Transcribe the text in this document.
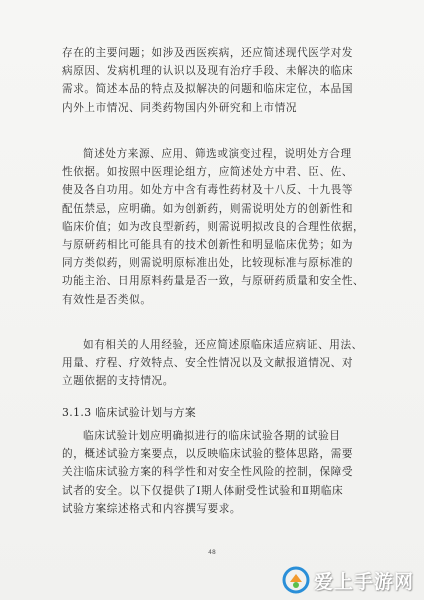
存在的主要问题；如涉及西医疾病，还应简述现代医学对发
病原因、发病机理的认识以及现有治疗手段、未解决的临床
需求。简述本品的特点及拟解决的问题和临床定位，本品国
内外上市情况、同类药物国内外研究和上市情况
简述处方来源、应用、筛选或演变过程，说明处方合理
性依据。如按照中医理论组方，应简述处方中君、臣、佐、
使及各自功用。如处方中含有毒性药材及十八反、十九畏等
配伍禁忌，应明确。如为创新药，则需说明处方的创新性和
临床价值；如为改良型新药，则需说明拟改良的合理性依据，
与原研药相比可能具有的技术创新性和明显临床优势；如为
同方类似药，则需说明原标准出处，比较现标准与原标准的
功能主治、日用原料药量是否一致，与原研药质量和安全性、
有效性是否类似。
如有相关的人用经验，还应简述原临床适应病证、用法、
用量、疗程、疗效特点、安全性情况以及文献报道情况、对
立题依据的支持情况。
3.1.3 临床试验计划与方案
临床试验计划应明确拟进行的临床试验各期的试验目
的，概述试验方案要点，以反映临床试验的整体思路，需要
关注临床试验方案的科学性和对安全性风险的控制，保障受
试者的安全。以下仅提供了Ⅰ期人体耐受性试验和Ⅱ期临床
试验方案综述格式和内容撰写要求。
48
爱上手游网
